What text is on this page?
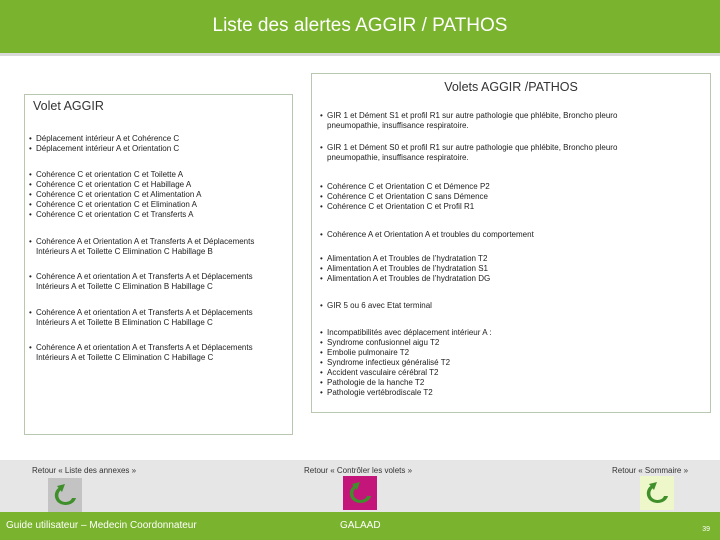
Liste des alertes AGGIR / PATHOS
Volet AGGIR
• Déplacement intérieur A et Cohérence C
• Déplacement intérieur A et Orientation C
• Cohérence C et orientation C et Toilette A
• Cohérence C et orientation C et Habillage A
• Cohérence C et orientation C et Alimentation A
• Cohérence C et orientation C et Elimination A
• Cohérence C et orientation C et Transferts A
• Cohérence A et Orientation A et Transferts A et Déplacements Intérieurs A et Toilette C Elimination C Habillage B
• Cohérence A et orientation A et Transferts A et Déplacements Intérieurs A et Toilette C Elimination B Habillage C
• Cohérence A et orientation A et Transferts A et Déplacements Intérieurs A et Toilette B Elimination C Habillage C
• Cohérence A et orientation A et Transferts A et Déplacements Intérieurs A et Toilette C Elimination C Habillage C
Volets AGGIR /PATHOS
• GIR 1 et Dément S1 et profil R1 sur autre pathologie que phlébite, Broncho pleuro pneumopathie, insuffisance respiratoire.
• GIR 1 et Dément S0 et profil R1 sur autre pathologie que phlébite, Broncho pleuro pneumopathie, insuffisance respiratoire.
• Cohérence C et Orientation C et Démence P2
• Cohérence C et Orientation C sans Démence
• Cohérence C et Orientation C et Profil R1
• Cohérence A et Orientation A et troubles du comportement
• Alimentation A et Troubles de l’hydratation T2
• Alimentation A et Troubles de l’hydratation S1
• Alimentation A et Troubles de l’hydratation DG
• GIR 5 ou 6 avec Etat terminal
• Incompatibilités avec déplacement intérieur A :
• Syndrome confusionnel aigu T2
• Embolie pulmonaire T2
• Syndrome infectieux généralisé T2
• Accident vasculaire cérébral T2
• Pathologie de la hanche T2
• Pathologie vertébrodiscale T2
Retour « Liste des annexes »	Retour « Contrôler les volets »	Retour « Sommaire »
Guide utilisateur – Medecin Coordonnateur	GALAAD	39
